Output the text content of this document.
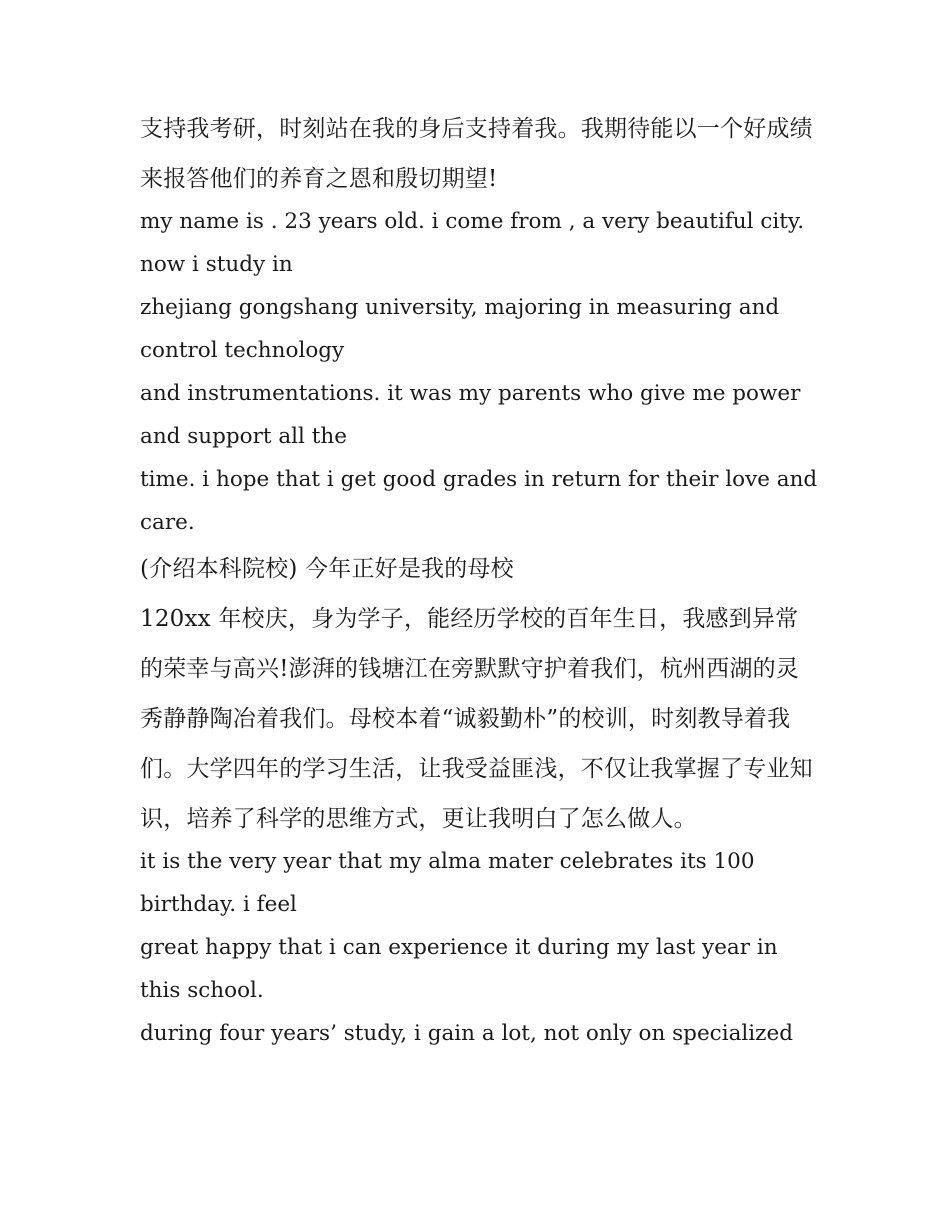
支持我考研，时刻站在我的身后支持着我。我期待能以一个好成绩来报答他们的养育之恩和殷切期望!

my name is . 23 years old. i come from , a very beautiful city. now i study in

zhejiang gongshang university, majoring in measuring and control technology

and instrumentations. it was my parents who give me power and support all the

time. i hope that i get good grades in return for their love and care.

(介绍本科院校) 今年正好是我的母校

120xx 年校庆，身为学子，能经历学校的百年生日，我感到异常的荣幸与高兴!澎湃的钱塘江在旁默默守护着我们，杭州西湖的灵秀静静陶冶着我们。母校本着“诚毅勤朴”的校训，时刻教导着我们。大学四年的学习生活，让我受益匪浅，不仅让我掌握了专业知识，培养了科学的思维方式，更让我明白了怎么做人。

it is the very year that my alma mater celebrates its 100 birthday. i feel

great happy that i can experience it during my last year in this school.

during four years’ study, i gain a lot, not only on specialized
